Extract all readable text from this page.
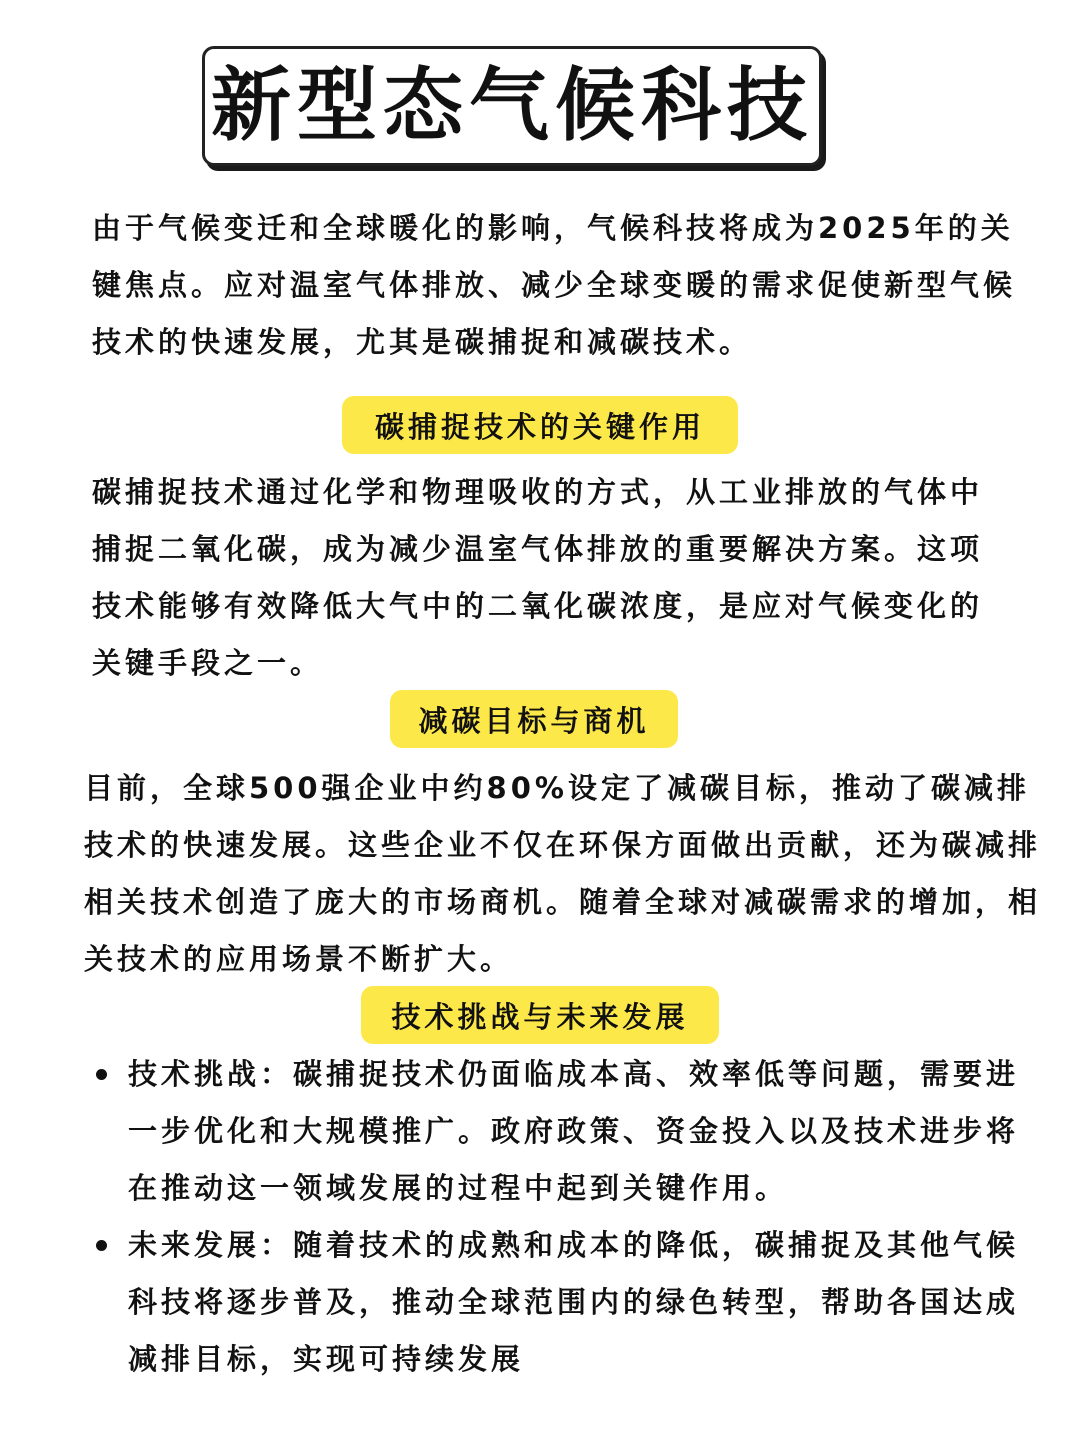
新型态气候科技

由于气候变迁和全球暖化的影响，气候科技将成为2025年的关键焦点。应对温室气体排放、减少全球变暖的需求促使新型气候技术的快速发展，尤其是碳捕捉和减碳技术。

碳捕捉技术的关键作用

碳捕捉技术通过化学和物理吸收的方式，从工业排放的气体中捕捉二氧化碳，成为减少温室气体排放的重要解决方案。这项技术能够有效降低大气中的二氧化碳浓度，是应对气候变化的关键手段之一。

减碳目标与商机

目前，全球500强企业中约80%设定了减碳目标，推动了碳减排技术的快速发展。这些企业不仅在环保方面做出贡献，还为碳减排相关技术创造了庞大的市场商机。随着全球对减碳需求的增加，相关技术的应用场景不断扩大。

技术挑战与未来发展
技术挑战：碳捕捉技术仍面临成本高、效率低等问题，需要进一步优化和大规模推广。政府政策、资金投入以及技术进步将在推动这一领域发展的过程中起到关键作用。
未来发展：随着技术的成熟和成本的降低，碳捕捉及其他气候科技将逐步普及，推动全球范围内的绿色转型，帮助各国达成减排目标，实现可持续发展
